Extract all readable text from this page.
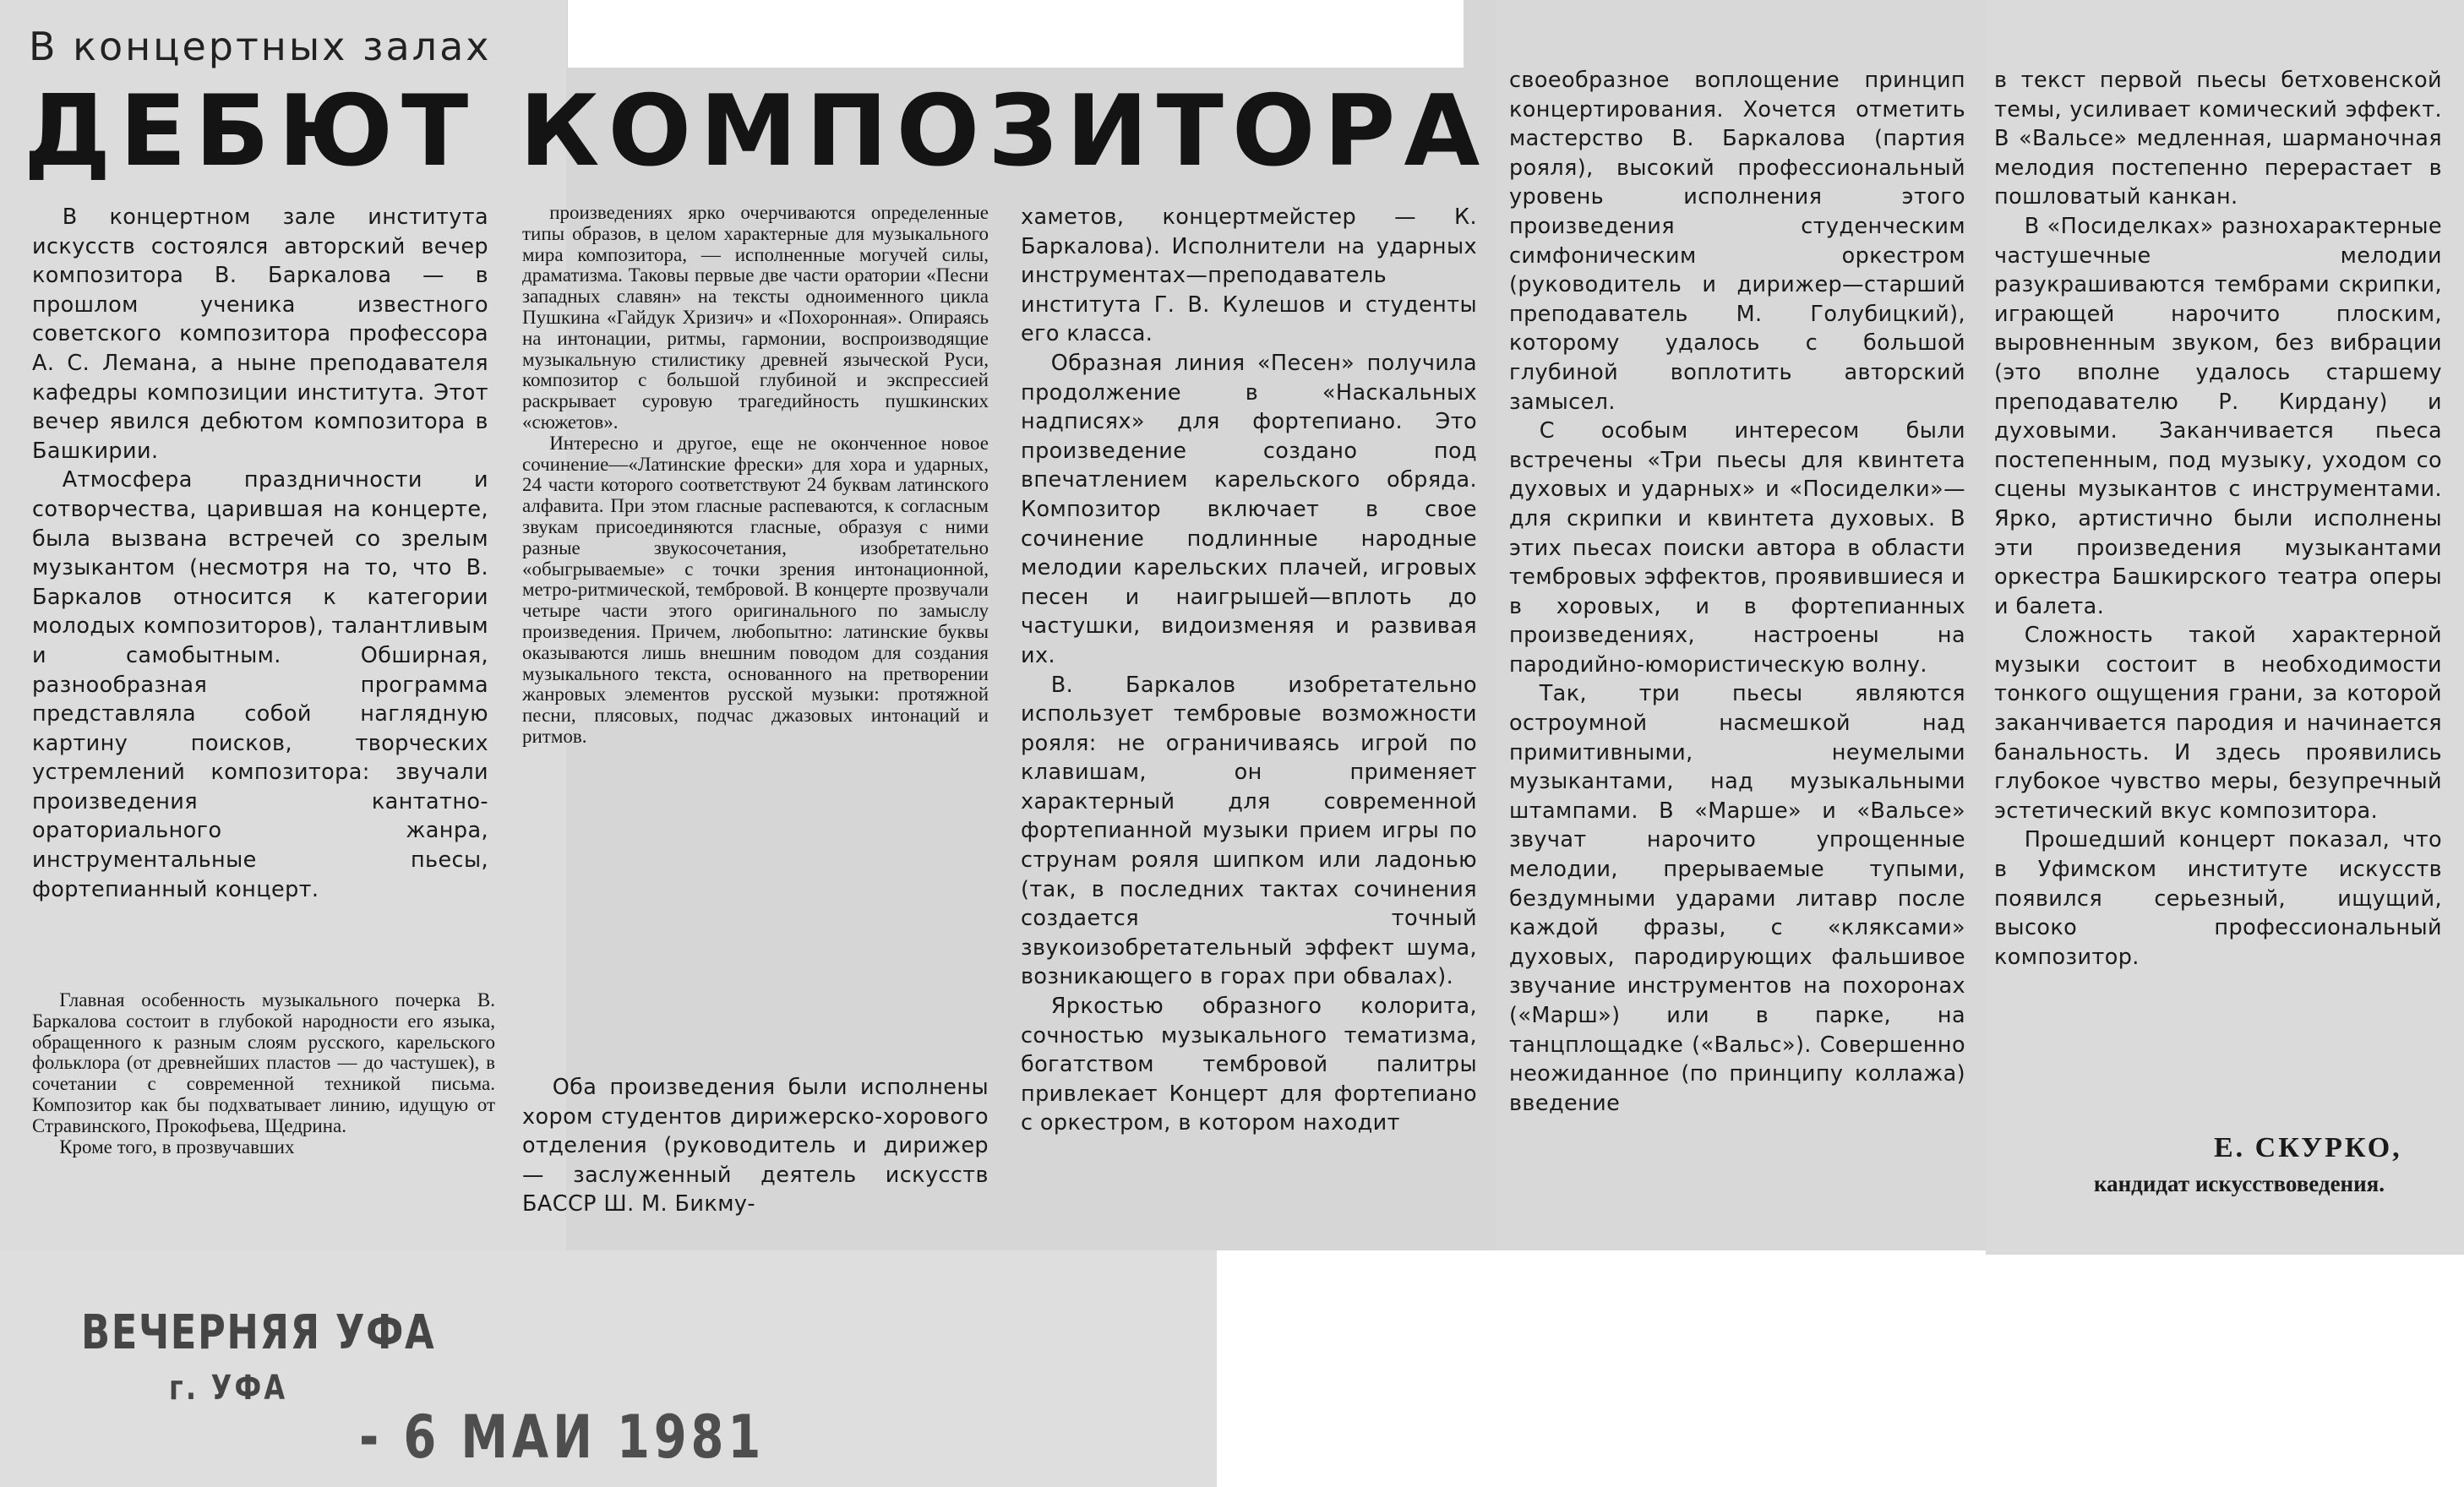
В концертных залах
ДЕБЮТ КОМПОЗИТОРА

В концертном зале института искусств состоялся авторский вечер композитора В. Баркалова — в прошлом ученика известного советского композитора профессора А. С. Лемана, а ныне преподавателя кафедры композиции института. Этот вечер явился дебютом композитора в Башкирии.

Атмосфера праздничности и сотворчества, царившая на концерте, была вызвана встречей со зрелым музыкантом (несмотря на то, что В. Баркалов относится к категории молодых композиторов), талантливым и самобытным. Обширная, разнообразная программа представляла собой наглядную картину поисков, творческих устремлений композитора: звучали произведения кантатно-ораториального жанра, инструментальные пьесы, фортепианный концерт.

Главная особенность музыкального почерка В. Баркалова состоит в глубокой народности его языка, обращенного к разным слоям русского, карельского фольклора (от древнейших пластов — до частушек), в сочетании с современной техникой письма. Композитор как бы подхватывает линию, идущую от Стравинского, Прокофьева, Щедрина.

Кроме того, в прозвучавших

произведениях ярко очерчиваются определенные типы образов, в целом характерные для музыкального мира композитора, — исполненные могучей силы, драматизма. Таковы первые две части оратории «Песни западных славян» на тексты одноименного цикла Пушкина «Гайдук Хризич» и «Похоронная». Опираясь на интонации, ритмы, гармонии, воспроизводящие музыкальную стилистику древней языческой Руси, композитор с большой глубиной и экспрессией раскрывает суровую трагедийность пушкинских «сюжетов».

Интересно и другое, еще не оконченное новое сочинение—«Латинские фрески» для хора и ударных, 24 части которого соответствуют 24 буквам латинского алфавита. При этом гласные распеваются, к согласным звукам присоединяются гласные, образуя с ними разные звукосочетания, изобретательно «обыгрываемые» с точки зрения интонационной, метро-ритмической, тембровой. В концерте прозвучали четыре части этого оригинального по замыслу произведения. Причем, любопытно: латинские буквы оказываются лишь внешним поводом для создания музыкального текста, основанного на претворении жанровых элементов русской музыки: протяжной песни, плясовых, подчас джазовых интонаций и ритмов.

Оба произведения были исполнены хором студентов дирижерско-хорового отделения (руководитель и дирижер — заслуженный деятель искусств БАССР Ш. М. Бикму-

хаметов, концертмейстер — К. Баркалова). Исполнители на ударных инструментах—преподаватель института Г. В. Кулешов и студенты его класса.

Образная линия «Песен» получила продолжение в «Наскальных надписях» для фортепиано. Это произведение создано под впечатлением карельского обряда. Композитор включает в свое сочинение подлинные народные мелодии карельских плачей, игровых песен и наигрышей—вплоть до частушки, видоизменяя и развивая их.

В. Баркалов изобретательно использует тембровые возможности рояля: не ограничиваясь игрой по клавишам, он применяет характерный для современной фортепианной музыки прием игры по струнам рояля шипком или ладонью (так, в последних тактах сочинения создается точный звукоизобретательный эффект шума, возникающего в горах при обвалах).

Яркостью образного колорита, сочностью музыкального тематизма, богатством тембровой палитры привлекает Концерт для фортепиано с оркестром, в котором находит

своеобразное воплощение принцип концертирования. Хочется отметить мастерство В. Баркалова (партия рояля), высокий профессиональный уровень исполнения этого произведения студенческим симфоническим оркестром (руководитель и дирижер—старший преподаватель М. Голубицкий), которому удалось с большой глубиной воплотить авторский замысел.

С особым интересом были встречены «Три пьесы для квинтета духовых и ударных» и «Посиделки»—для скрипки и квинтета духовых. В этих пьесах поиски автора в области тембровых эффектов, проявившиеся и в хоровых, и в фортепианных произведениях, настроены на пародийно-юмористическую волну.

Так, три пьесы являются остроумной насмешкой над примитивными, неумелыми музыкантами, над музыкальными штампами. В «Марше» и «Вальсе» звучат нарочито упрощенные мелодии, прерываемые тупыми, бездумными ударами литавр после каждой фразы, с «кляксами» духовых, пародирующих фальшивое звучание инструментов на похоронах («Марш») или в парке, на танцплощадке («Вальс»). Совершенно неожиданное (по принципу коллажа) введение

в текст первой пьесы бетховенской темы, усиливает комический эффект. В «Вальсе» медленная, шарманочная мелодия постепенно перерастает в пошловатый канкан.

В «Посиделках» разнохарактерные частушечные мелодии разукрашиваются тембрами скрипки, играющей нарочито плоским, выровненным звуком, без вибрации (это вполне удалось старшему преподавателю Р. Кирдану) и духовыми. Заканчивается пьеса постепенным, под музыку, уходом со сцены музыкантов с инструментами. Ярко, артистично были исполнены эти произведения музыкантами оркестра Башкирского театра оперы и балета.

Сложность такой характерной музыки состоит в необходимости тонкого ощущения грани, за которой заканчивается пародия и начинается банальность. И здесь проявились глубокое чувство меры, безупречный эстетический вкус композитора.

Прошедший концерт показал, что в Уфимском институте искусств появился серьезный, ищущий, высоко профессиональный композитор.

Е. СКУРКО,
кандидат искусствоведения.
ВЕЧЕРНЯЯ УФА
г. УФА
- 6 МАИ 1981
